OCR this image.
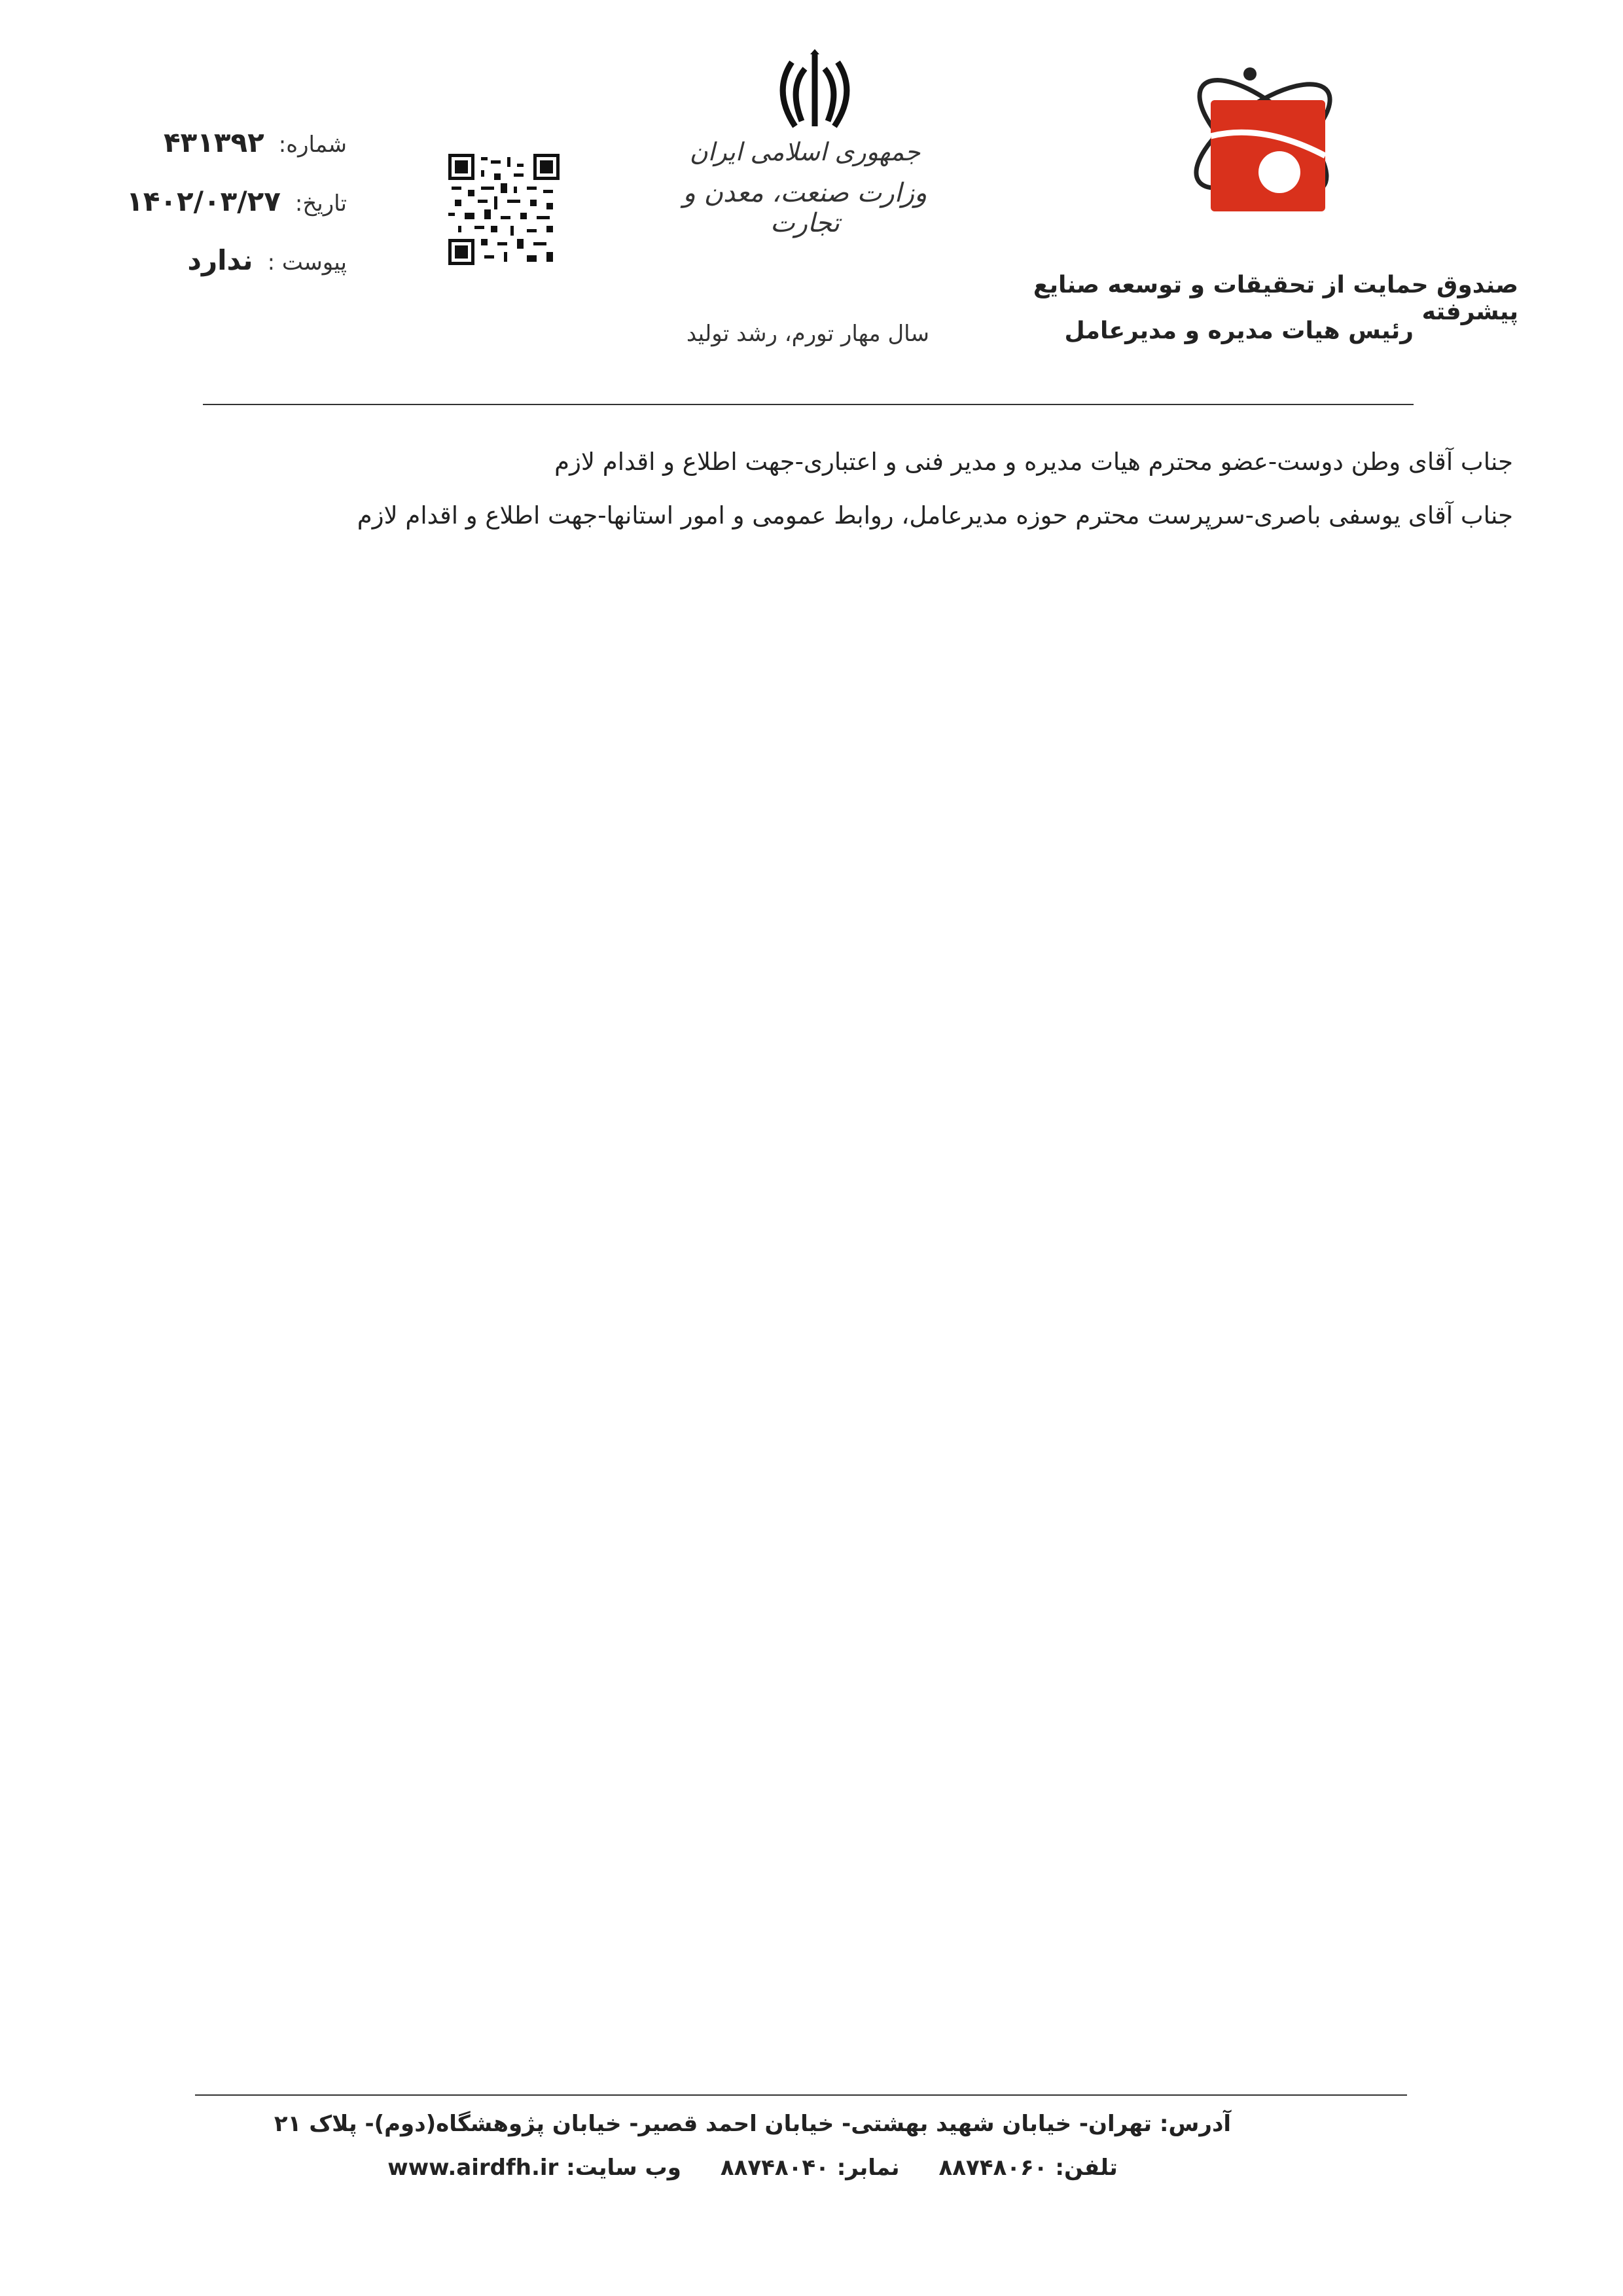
جمهوری اسلامی ایران
وزارت صنعت، معدن و تجارت
شماره:
۴۳۱۳۹۲
تاریخ:
۱۴۰۲/۰۳/۲۷
پیوست :
ندارد
صندوق حمایت از تحقیقات و توسعه صنایع پیشرفته
رئیس هیات مدیره و مدیرعامل
سال مهار تورم، رشد تولید
جناب آقای وطن دوست-عضو محترم هیات مدیره و مدیر فنی و اعتباری-جهت اطلاع و اقدام لازم
جناب آقای یوسفی باصری-سرپرست محترم حوزه مدیرعامل، روابط عمومی و امور استانها-جهت اطلاع و اقدام لازم
آدرس: تهران- خیابان شهید بهشتی- خیابان احمد قصیر- خیابان پژوهشگاه(دوم)- پلاک ۲۱
تلفن: ۸۸۷۴۸۰۶۰
نمابر: ۸۸۷۴۸۰۴۰
وب سایت: www.airdfh.ir
